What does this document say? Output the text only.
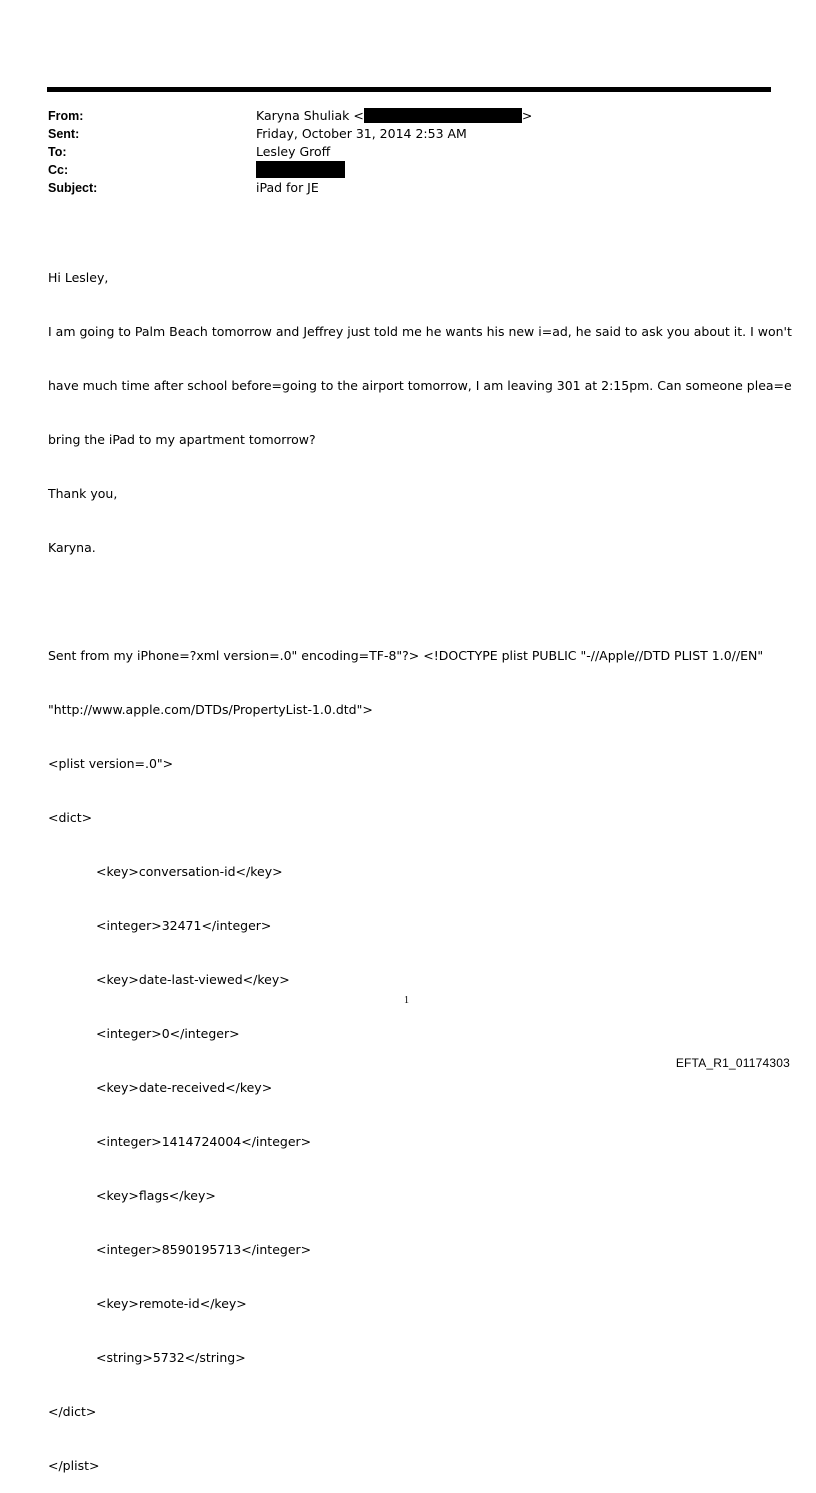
From:	Karyna Shuliak <	>
Sent:	Friday, October 31, 2014 2:53 AM
To:	Lesley Groff
Cc:
Subject:	iPad for JE

Hi Lesley,

I am going to Palm Beach tomorrow and Jeffrey just told me he wants his new i=ad, he said to ask you about it. I won't

have much time after school before=going to the airport tomorrow, I am leaving 301 at 2:15pm. Can someone plea=e

bring the iPad to my apartment tomorrow?

Thank you,

Karyna.

Sent from my iPhone=?xml version=.0" encoding=TF-8"?> <!DOCTYPE plist PUBLIC "-//Apple//DTD PLIST 1.0//EN"

"http://www.apple.com/DTDs/PropertyList-1.0.dtd">

<plist version=.0">

<dict>

<key>conversation-id</key>

<integer>32471</integer>

<key>date-last-viewed</key>

<integer>0</integer>

<key>date-received</key>

<integer>1414724004</integer>

<key>flags</key>

<integer>8590195713</integer>

<key>remote-id</key>

<string>5732</string>

</dict>

</plist>

1
EFTA_R1_01174303
